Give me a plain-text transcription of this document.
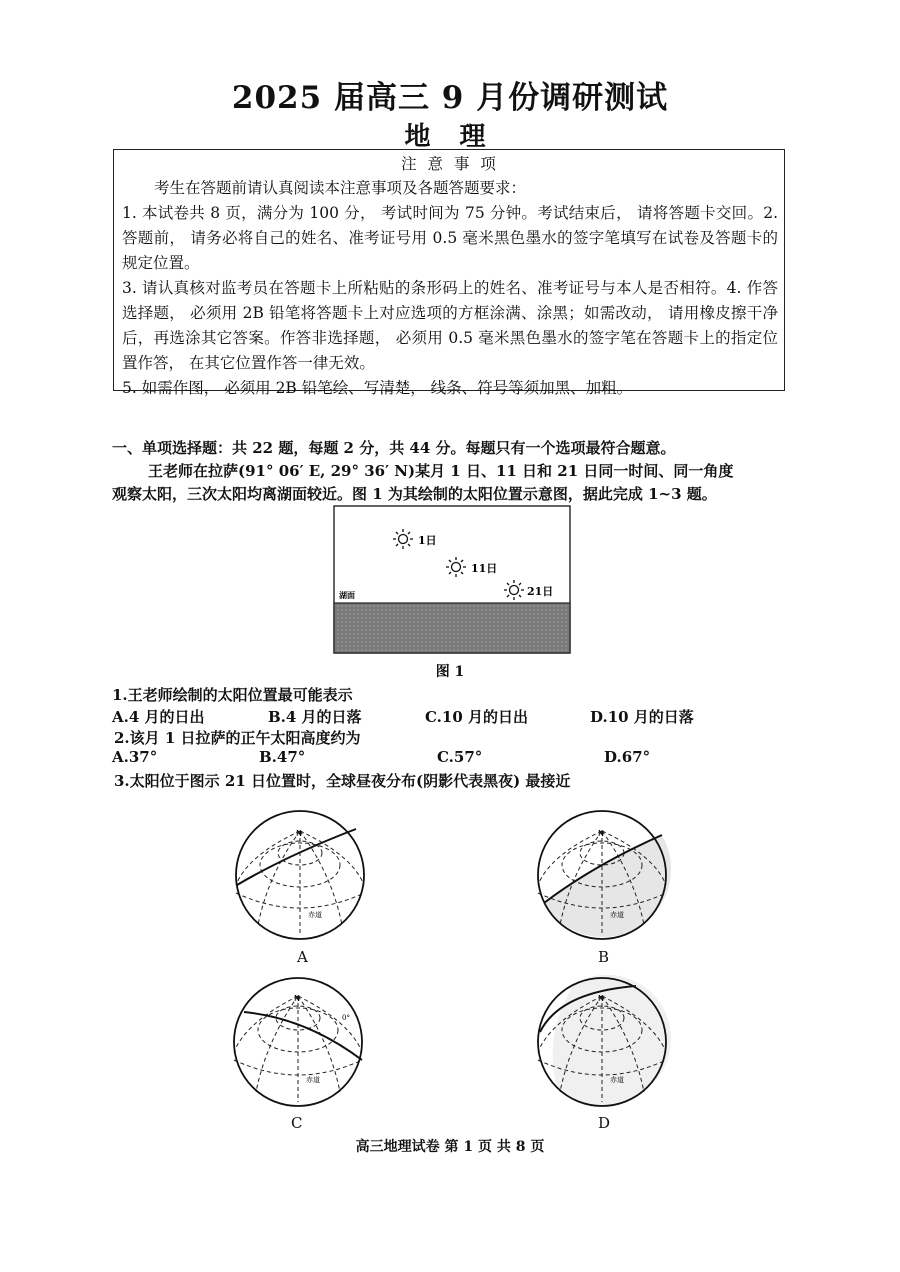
2025 届高三 9 月份调研测试
地 理
注 意 事 项

考生在答题前请认真阅读本注意事项及各题答题要求：

1. 本试卷共 8 页，满分为 100 分， 考试时间为 75 分钟。考试结束后， 请将答题卡交回。2. 答题前， 请务必将自己的姓名、准考证号用 0.5 毫米黑色墨水的签字笔填写在试卷及答题卡的规定位置。

3. 请认真核对监考员在答题卡上所粘贴的条形码上的姓名、准考证号与本人是否相符。4. 作答选择题， 必须用 2B 铅笔将答题卡上对应选项的方框涂满、涂黑；如需改动， 请用橡皮擦干净后，再选涂其它答案。作答非选择题， 必须用 0.5 毫米黑色墨水的签字笔在答题卡上的指定位置作答， 在其它位置作答一律无效。

5. 如需作图， 必须用 2B 铅笔绘、写清楚， 线条、符号等须加黑、加粗。

一、单项选择题：共 22 题，每题 2 分，共 44 分。每题只有一个选项最符合题意。
王老师在拉萨(91° 06′ E, 29° 36′ N)某月 1 日、11 日和 21 日同一时间、同一角度
观察太阳，三次太阳均离湖面较近。图 1 为其绘制的太阳位置示意图，据此完成 1~3 题。
1日
11日
21日
湖面
图 1
1.王老师绘制的太阳位置最可能表示
A.4 月的日出	B.4 月的日落	C.10 月的日出	D.10 月的日落
2.该月 1 日拉萨的正午太阳高度约为
A.37°	B.47°	C.57°	D.67°
3.太阳位于图示 21 日位置时，全球昼夜分布(阴影代表黑夜) 最接近
N
赤道
A
N
赤道
B
N
0°
赤道
C
N
赤道
D
高三地理试卷 第 1 页 共 8 页
